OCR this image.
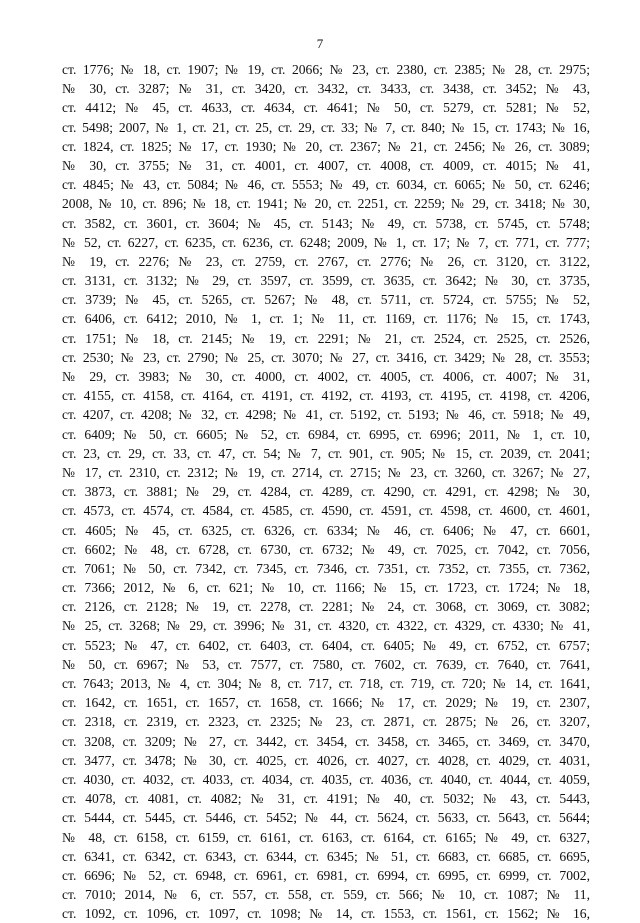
7
ст. 1776; № 18, ст. 1907; № 19, ст. 2066; № 23, ст. 2380, ст. 2385; № 28, ст. 2975;
№ 30, ст. 3287; № 31, ст. 3420, ст. 3432, ст. 3433, ст. 3438, ст. 3452; № 43,
ст. 4412; № 45, ст. 4633, ст. 4634, ст. 4641; № 50, ст. 5279, ст. 5281; № 52,
ст. 5498; 2007, № 1, ст. 21, ст. 25, ст. 29, ст. 33; № 7, ст. 840; № 15, ст. 1743; № 16,
ст. 1824, ст. 1825; № 17, ст. 1930; № 20, ст. 2367; № 21, ст. 2456; № 26, ст. 3089;
№ 30, ст. 3755; № 31, ст. 4001, ст. 4007, ст. 4008, ст. 4009, ст. 4015; № 41,
ст. 4845; № 43, ст. 5084; № 46, ст. 5553; № 49, ст. 6034, ст. 6065; № 50, ст. 6246;
2008, № 10, ст. 896; № 18, ст. 1941; № 20, ст. 2251, ст. 2259; № 29, ст. 3418; № 30,
ст. 3582, ст. 3601, ст. 3604; № 45, ст. 5143; № 49, ст. 5738, ст. 5745, ст. 5748;
№ 52, ст. 6227, ст. 6235, ст. 6236, ст. 6248; 2009, № 1, ст. 17; № 7, ст. 771, ст. 777;
№ 19, ст. 2276; № 23, ст. 2759, ст. 2767, ст. 2776; № 26, ст. 3120, ст. 3122,
ст. 3131, ст. 3132; № 29, ст. 3597, ст. 3599, ст. 3635, ст. 3642; № 30, ст. 3735,
ст. 3739; № 45, ст. 5265, ст. 5267; № 48, ст. 5711, ст. 5724, ст. 5755; № 52,
ст. 6406, ст. 6412; 2010, № 1, ст. 1; № 11, ст. 1169, ст. 1176; № 15, ст. 1743,
ст. 1751; № 18, ст. 2145; № 19, ст. 2291; № 21, ст. 2524, ст. 2525, ст. 2526,
ст. 2530; № 23, ст. 2790; № 25, ст. 3070; № 27, ст. 3416, ст. 3429; № 28, ст. 3553;
№ 29, ст. 3983; № 30, ст. 4000, ст. 4002, ст. 4005, ст. 4006, ст. 4007; № 31,
ст. 4155, ст. 4158, ст. 4164, ст. 4191, ст. 4192, ст. 4193, ст. 4195, ст. 4198, ст. 4206,
ст. 4207, ст. 4208; № 32, ст. 4298; № 41, ст. 5192, ст. 5193; № 46, ст. 5918; № 49,
ст. 6409; № 50, ст. 6605; № 52, ст. 6984, ст. 6995, ст. 6996; 2011, № 1, ст. 10,
ст. 23, ст. 29, ст. 33, ст. 47, ст. 54; № 7, ст. 901, ст. 905; № 15, ст. 2039, ст. 2041;
№ 17, ст. 2310, ст. 2312; № 19, ст. 2714, ст. 2715; № 23, ст. 3260, ст. 3267; № 27,
ст. 3873, ст. 3881; № 29, ст. 4284, ст. 4289, ст. 4290, ст. 4291, ст. 4298; № 30,
ст. 4573, ст. 4574, ст. 4584, ст. 4585, ст. 4590, ст. 4591, ст. 4598, ст. 4600, ст. 4601,
ст. 4605; № 45, ст. 6325, ст. 6326, ст. 6334; № 46, ст. 6406; № 47, ст. 6601,
ст. 6602; № 48, ст. 6728, ст. 6730, ст. 6732; № 49, ст. 7025, ст. 7042, ст. 7056,
ст. 7061; № 50, ст. 7342, ст. 7345, ст. 7346, ст. 7351, ст. 7352, ст. 7355, ст. 7362,
ст. 7366; 2012, № 6, ст. 621; № 10, ст. 1166; № 15, ст. 1723, ст. 1724; № 18,
ст. 2126, ст. 2128; № 19, ст. 2278, ст. 2281; № 24, ст. 3068, ст. 3069, ст. 3082;
№ 25, ст. 3268; № 29, ст. 3996; № 31, ст. 4320, ст. 4322, ст. 4329, ст. 4330; № 41,
ст. 5523; № 47, ст. 6402, ст. 6403, ст. 6404, ст. 6405; № 49, ст. 6752, ст. 6757;
№ 50, ст. 6967; № 53, ст. 7577, ст. 7580, ст. 7602, ст. 7639, ст. 7640, ст. 7641,
ст. 7643; 2013, № 4, ст. 304; № 8, ст. 717, ст. 718, ст. 719, ст. 720; № 14, ст. 1641,
ст. 1642, ст. 1651, ст. 1657, ст. 1658, ст. 1666; № 17, ст. 2029; № 19, ст. 2307,
ст. 2318, ст. 2319, ст. 2323, ст. 2325; № 23, ст. 2871, ст. 2875; № 26, ст. 3207,
ст. 3208, ст. 3209; № 27, ст. 3442, ст. 3454, ст. 3458, ст. 3465, ст. 3469, ст. 3470,
ст. 3477, ст. 3478; № 30, ст. 4025, ст. 4026, ст. 4027, ст. 4028, ст. 4029, ст. 4031,
ст. 4030, ст. 4032, ст. 4033, ст. 4034, ст. 4035, ст. 4036, ст. 4040, ст. 4044, ст. 4059,
ст. 4078, ст. 4081, ст. 4082; № 31, ст. 4191; № 40, ст. 5032; № 43, ст. 5443,
ст. 5444, ст. 5445, ст. 5446, ст. 5452; № 44, ст. 5624, ст. 5633, ст. 5643, ст. 5644;
№ 48, ст. 6158, ст. 6159, ст. 6161, ст. 6163, ст. 6164, ст. 6165; № 49, ст. 6327,
ст. 6341, ст. 6342, ст. 6343, ст. 6344, ст. 6345; № 51, ст. 6683, ст. 6685, ст. 6695,
ст. 6696; № 52, ст. 6948, ст. 6961, ст. 6981, ст. 6994, ст. 6995, ст. 6999, ст. 7002,
ст. 7010; 2014, № 6, ст. 557, ст. 558, ст. 559, ст. 566; № 10, ст. 1087; № 11,
ст. 1092, ст. 1096, ст. 1097, ст. 1098; № 14, ст. 1553, ст. 1561, ст. 1562; № 16,
